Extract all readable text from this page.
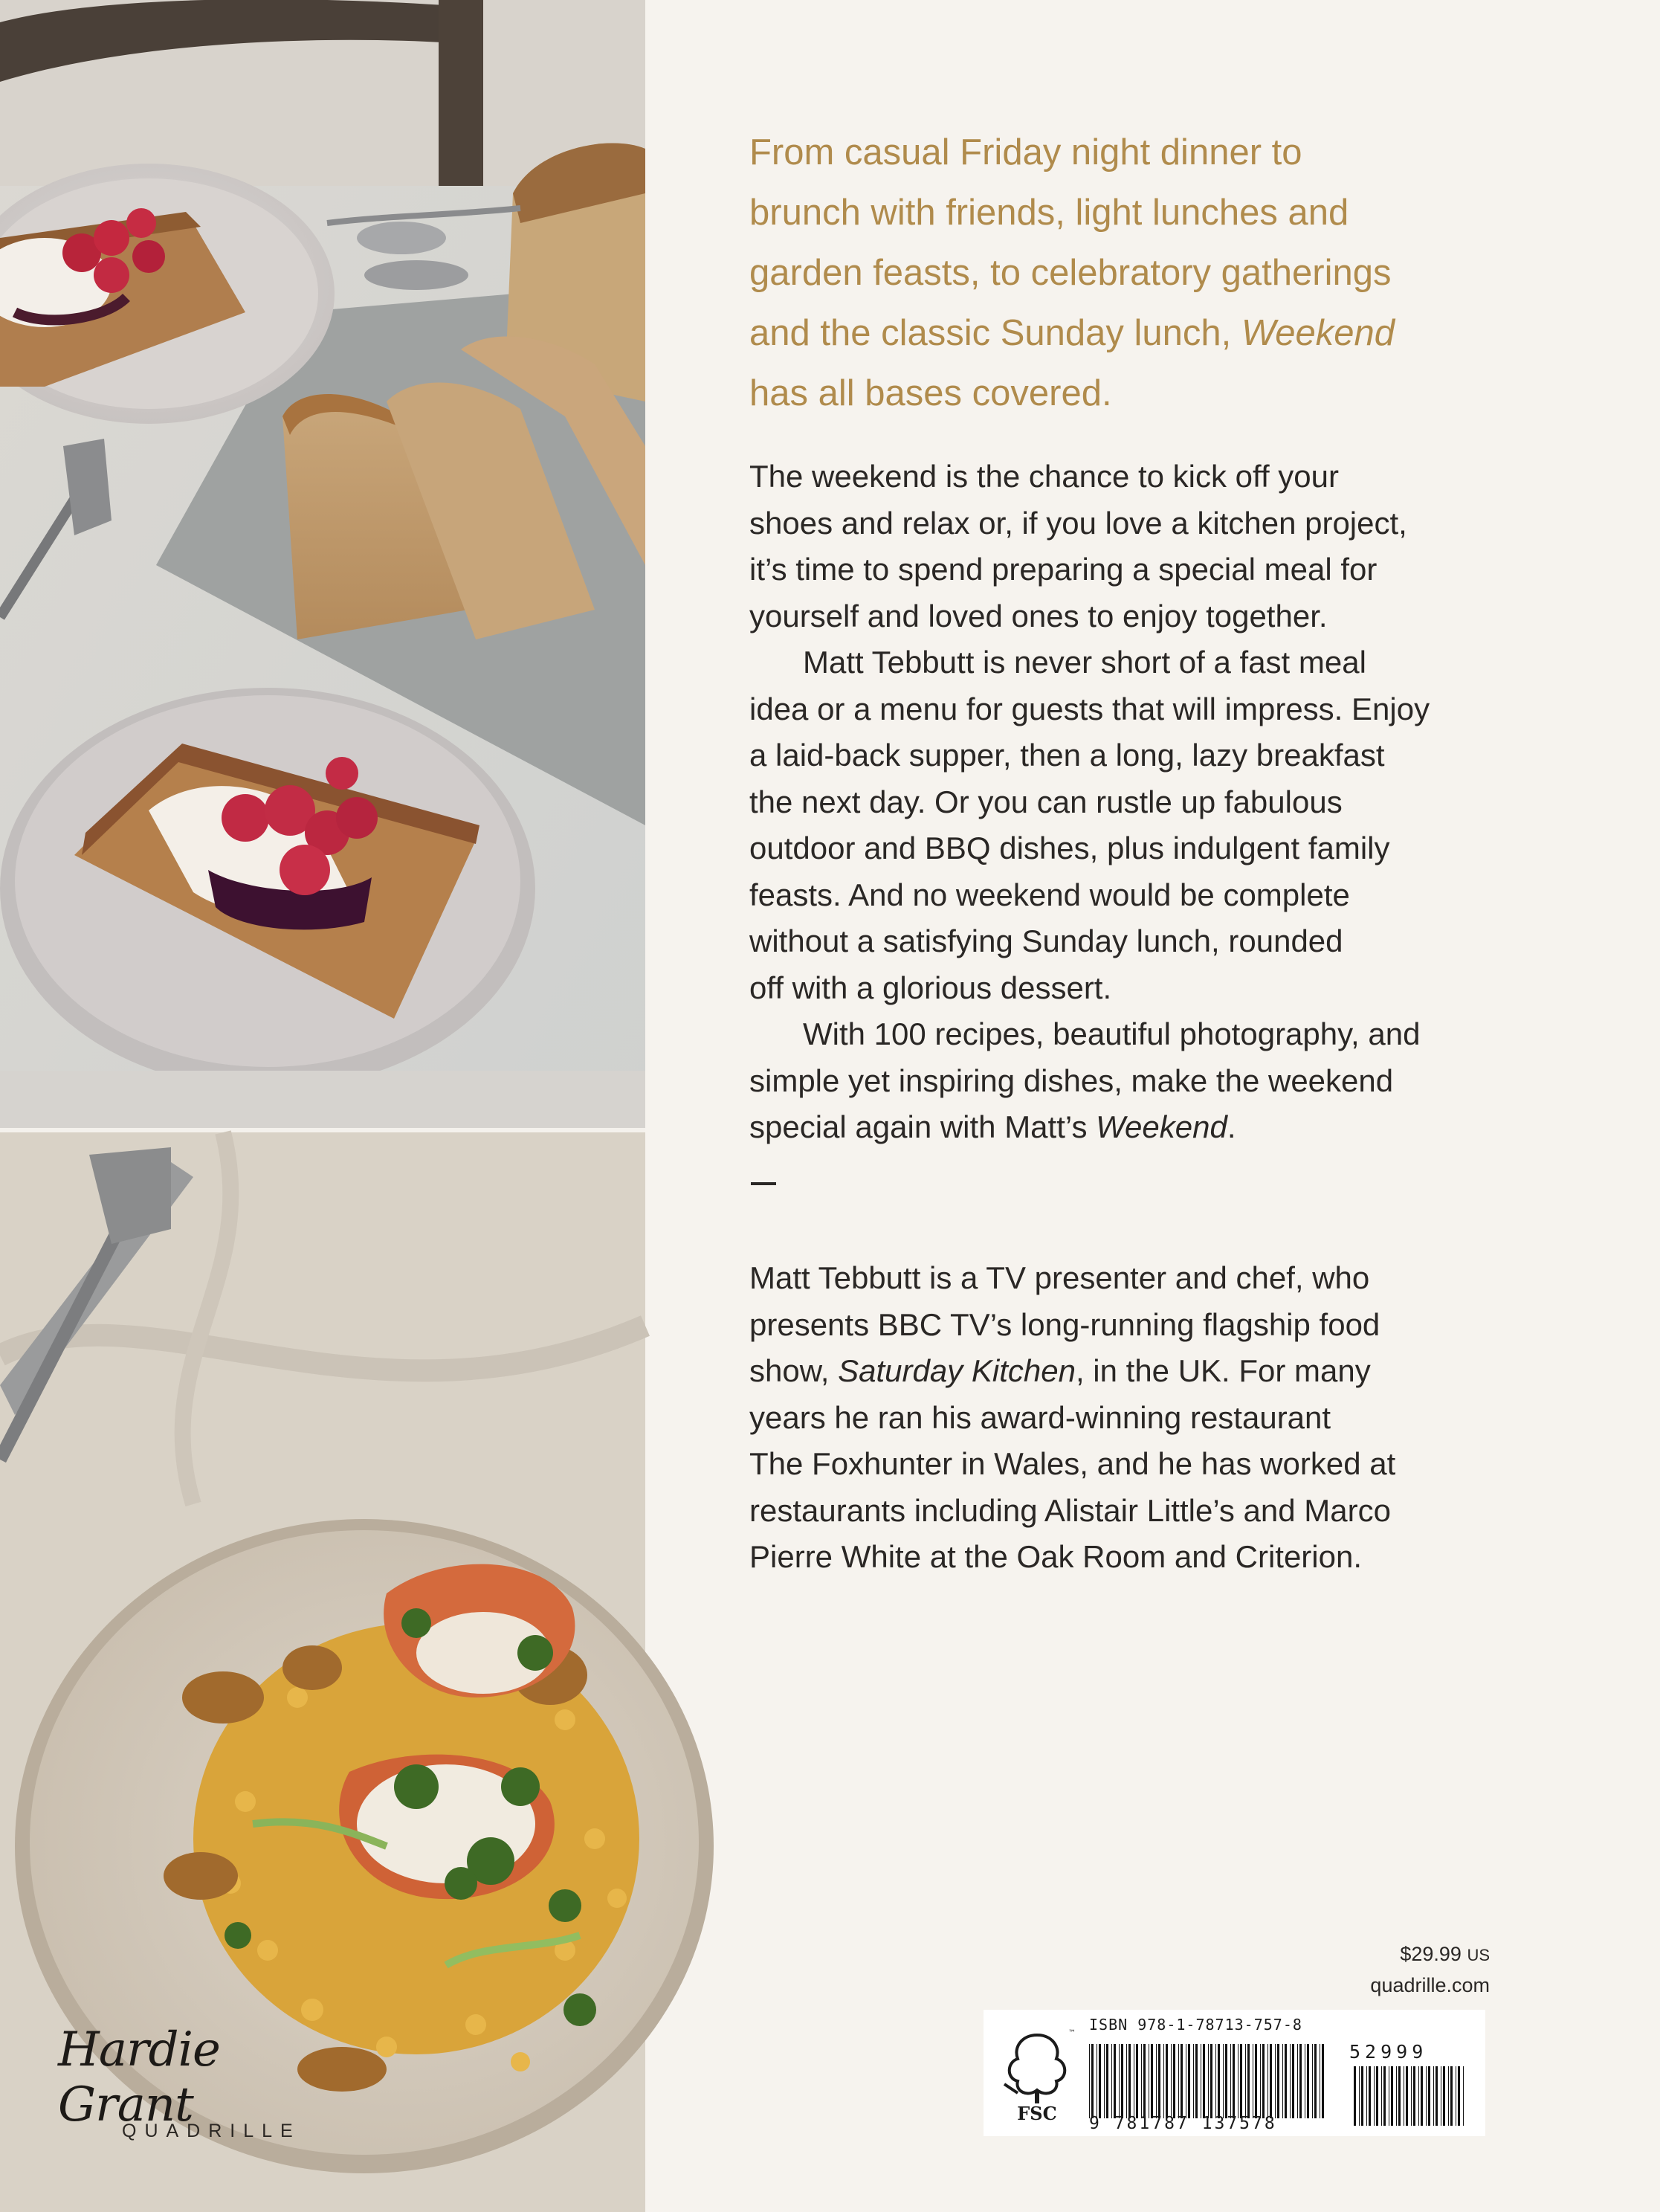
Hardie Grant
QUADRILLE

From casual Friday night dinner to

brunch with friends, light lunches and

garden feasts, to celebratory gatherings

and the classic Sunday lunch, Weekend

has all bases covered.

The weekend is the chance to kick off your

shoes and relax or, if you love a kitchen project,

it’s time to spend preparing a special meal for

yourself and loved ones to enjoy together.

Matt Tebbutt is never short of a fast meal

idea or a menu for guests that will impress. Enjoy

a laid-back supper, then a long, lazy breakfast

the next day. Or you can rustle up fabulous

outdoor and BBQ dishes, plus indulgent family

feasts. And no weekend would be complete

without a satisfying Sunday lunch, rounded

off with a glorious dessert.

With 100 recipes, beautiful photography, and

simple yet inspiring dishes, make the weekend

special again with Matt’s Weekend.

Matt Tebbutt is a TV presenter and chef, who

presents BBC TV’s long-running flagship food

show, Saturday Kitchen, in the UK. For many

years he ran his award-winning restaurant

The Foxhunter in Wales, and he has worked at

restaurants including Alistair Little’s and Marco

Pierre White at the Oak Room and Criterion.

$29.99 US
quadrille.com
FSC
™ ISBN 978-1-78713-757-8
9 781787 137578
52999
